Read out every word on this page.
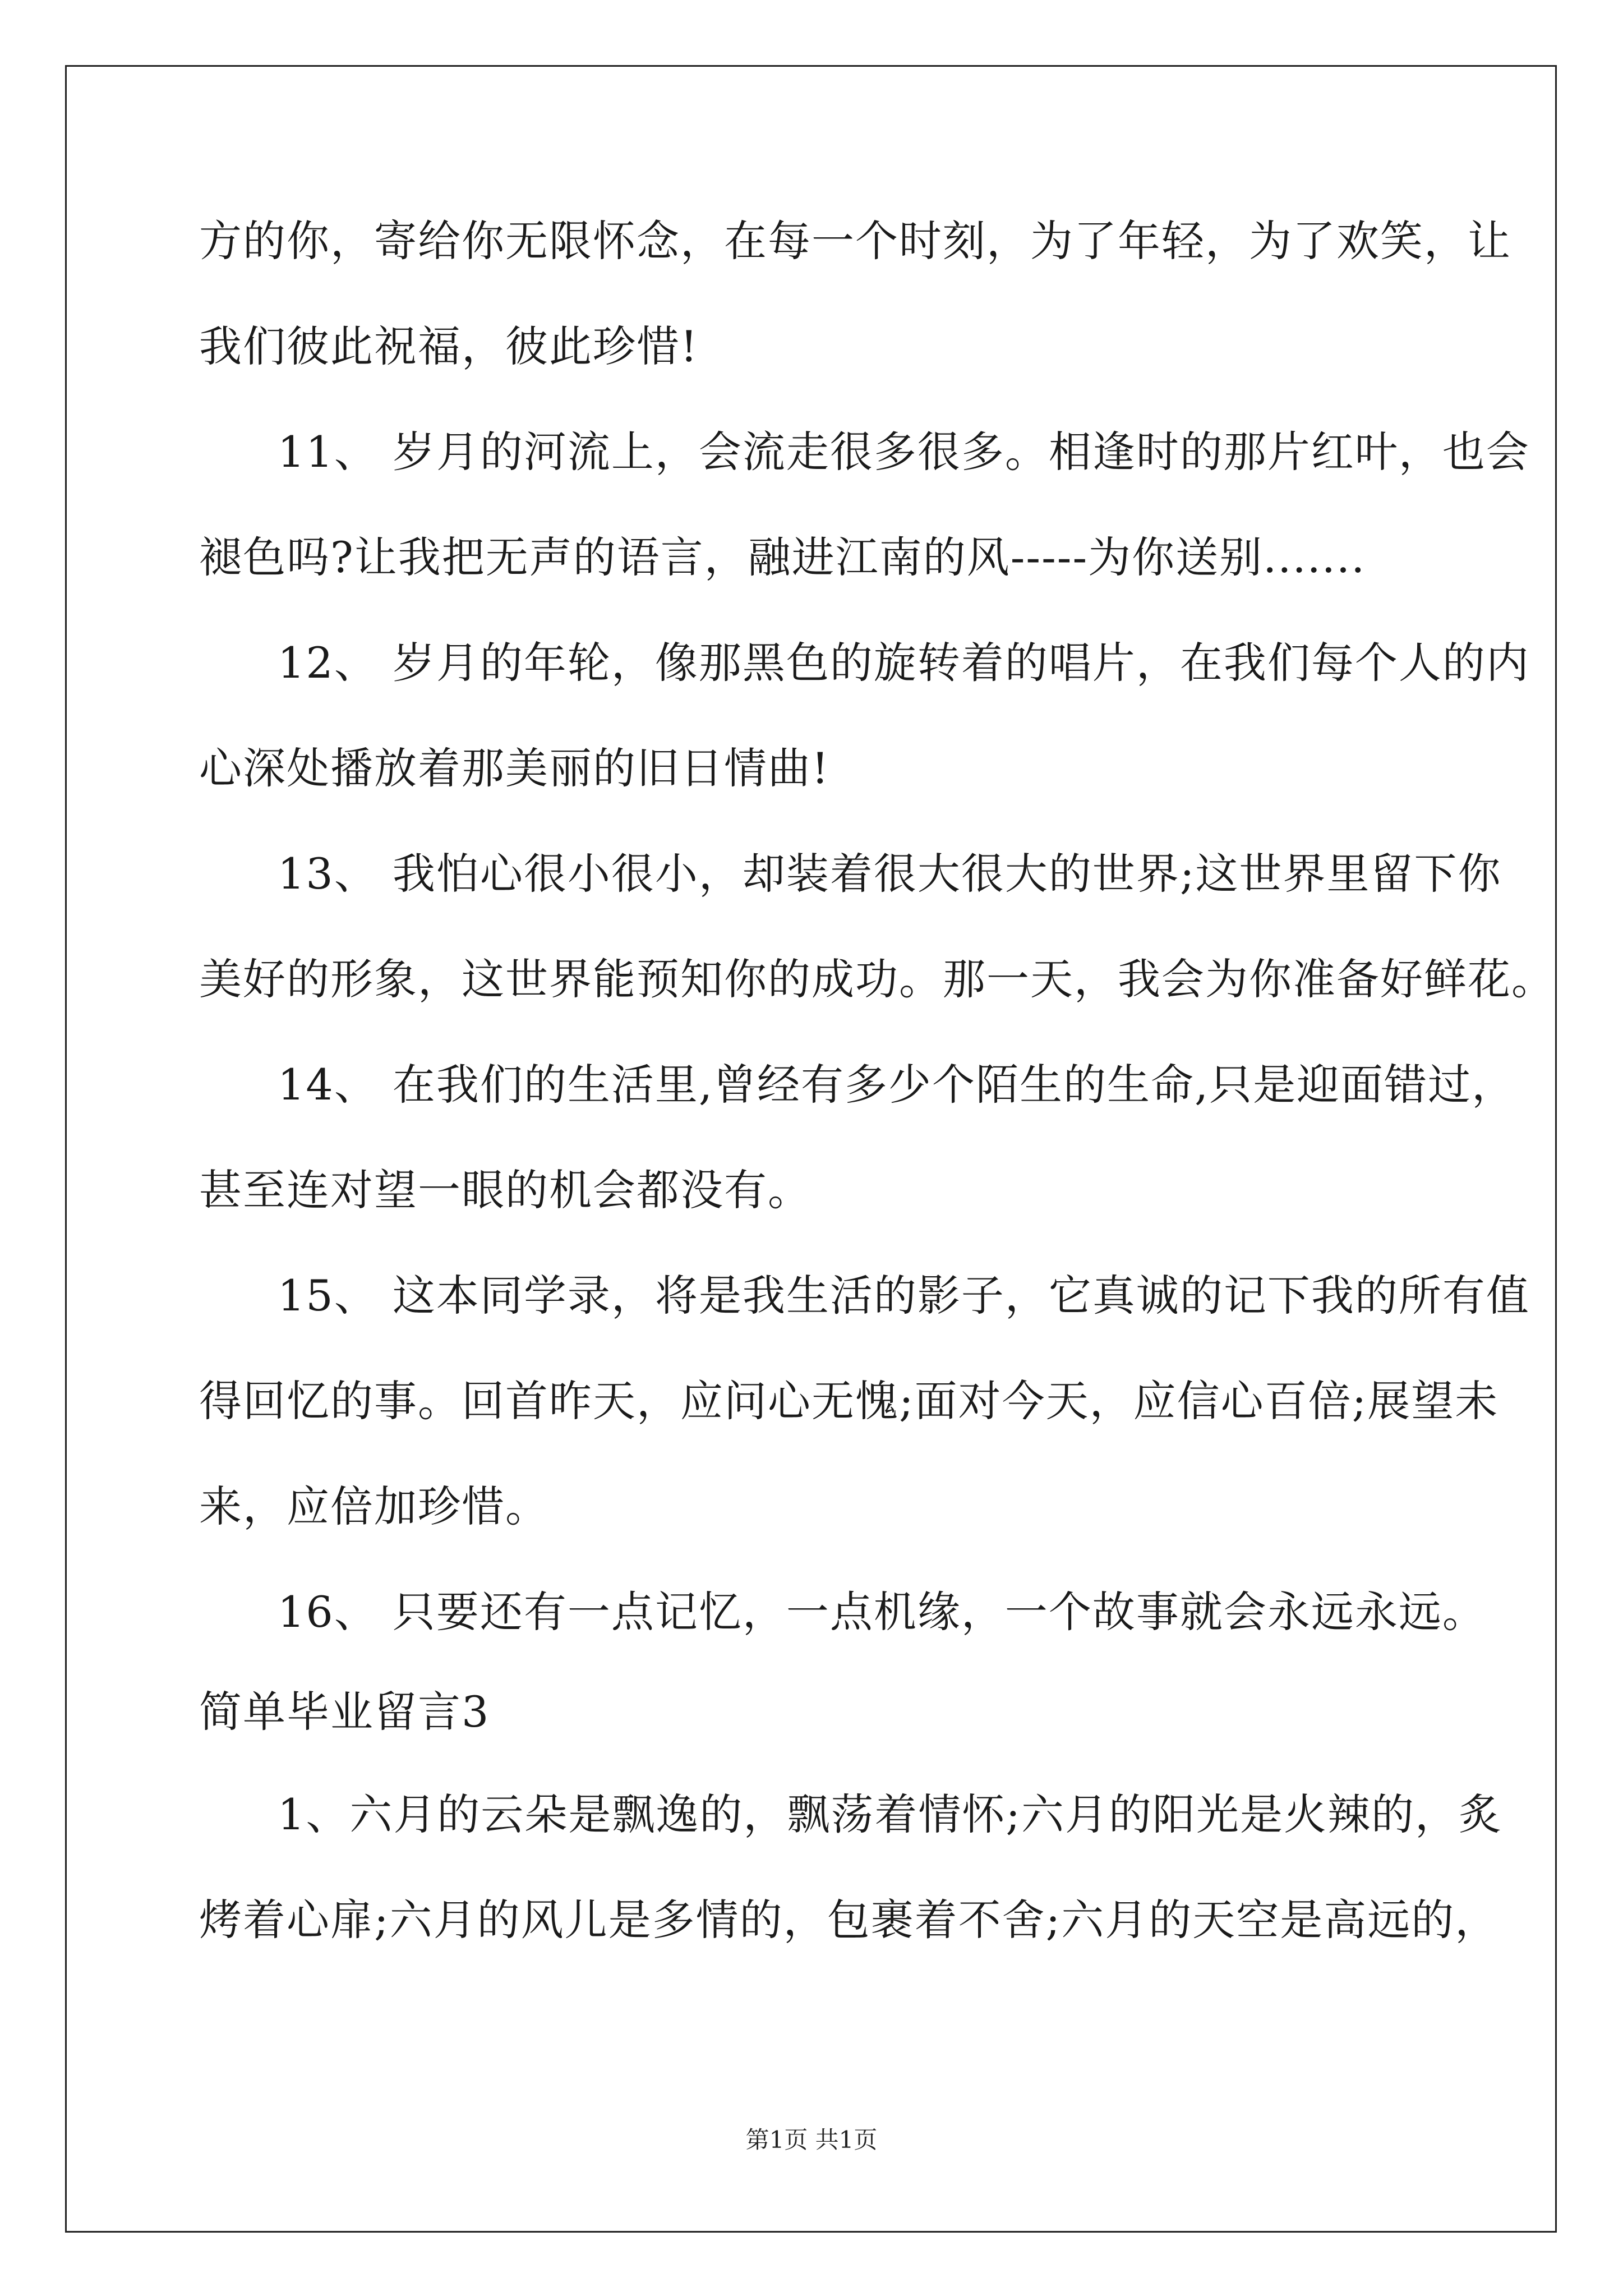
方的你，寄给你无限怀念，在每一个时刻，为了年轻，为了欢笑，让
我们彼此祝福，彼此珍惜!
11、 岁月的河流上，会流走很多很多。相逢时的那片红叶，也会
褪色吗?让我把无声的语言，融进江南的风-----为你送别.......
12、 岁月的年轮，像那黑色的旋转着的唱片，在我们每个人的内
心深处播放着那美丽的旧日情曲!
13、 我怕心很小很小，却装着很大很大的世界;这世界里留下你
美好的形象，这世界能预知你的成功。那一天，我会为你准备好鲜花。
14、 在我们的生活里,曾经有多少个陌生的生命,只是迎面错过，
甚至连对望一眼的机会都没有。
15、 这本同学录，将是我生活的影子，它真诚的记下我的所有值
得回忆的事。回首昨天，应问心无愧;面对今天，应信心百倍;展望未
来，应倍加珍惜。
16、 只要还有一点记忆，一点机缘，一个故事就会永远永远。
简单毕业留言3
1、六月的云朵是飘逸的，飘荡着情怀;六月的阳光是火辣的，炙
烤着心扉;六月的风儿是多情的，包裹着不舍;六月的天空是高远的，
第1页 共1页
